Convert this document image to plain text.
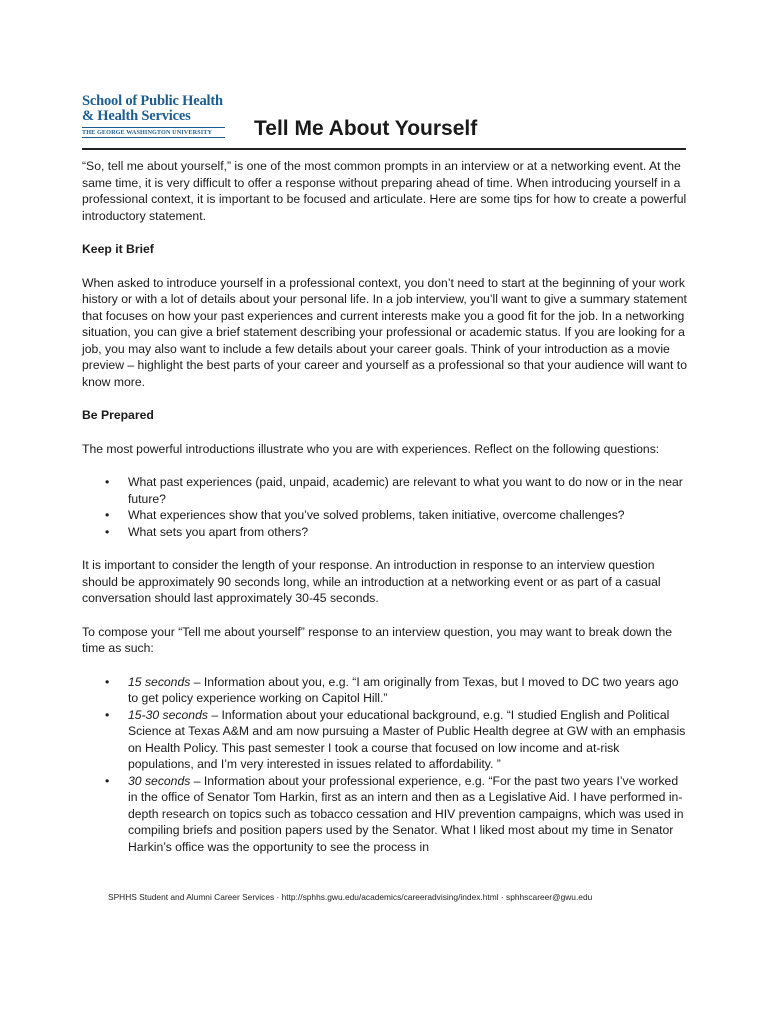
School of Public Health
& Health Services
THE GEORGE WASHINGTON UNIVERSITY	Tell Me About Yourself

“So, tell me about yourself,” is one of the most common prompts in an interview or at a networking event. At the same time, it is very difficult to offer a response without preparing ahead of time. When introducing yourself in a professional context, it is important to be focused and articulate. Here are some tips for how to create a powerful introductory statement.

Keep it Brief

When asked to introduce yourself in a professional context, you don’t need to start at the beginning of your work history or with a lot of details about your personal life. In a job interview, you’ll want to give a summary statement that focuses on how your past experiences and current interests make you a good fit for the job. In a networking situation, you can give a brief statement describing your professional or academic status. If you are looking for a job, you may also want to include a few details about your career goals. Think of your introduction as a movie preview – highlight the best parts of your career and yourself as a professional so that your audience will want to know more.

Be Prepared

The most powerful introductions illustrate who you are with experiences. Reflect on the following questions:

• What past experiences (paid, unpaid, academic) are relevant to what you want to do now or in the near future?
• What experiences show that you’ve solved problems, taken initiative, overcome challenges?
• What sets you apart from others?

It is important to consider the length of your response. An introduction in response to an interview question should be approximately 90 seconds long, while an introduction at a networking event or as part of a casual conversation should last approximately 30-45 seconds.

To compose your “Tell me about yourself” response to an interview question, you may want to break down the time as such:

• 15 seconds – Information about you, e.g. “I am originally from Texas, but I moved to DC two years ago to get policy experience working on Capitol Hill.”
• 15-30 seconds – Information about your educational background, e.g. “I studied English and Political Science at Texas A&M and am now pursuing a Master of Public Health degree at GW with an emphasis on Health Policy. This past semester I took a course that focused on low income and at-risk populations, and I’m very interested in issues related to affordability. ”
• 30 seconds – Information about your professional experience, e.g. “For the past two years I’ve worked in the office of Senator Tom Harkin, first as an intern and then as a Legislative Aid. I have performed in-depth research on topics such as tobacco cessation and HIV prevention campaigns, which was used in compiling briefs and position papers used by the Senator. What I liked most about my time in Senator Harkin’s office was the opportunity to see the process in
SPHHS Student and Alumni Career Services · http://sphhs.gwu.edu/academics/careeradvising/index.html · sphhscareer@gwu.edu
